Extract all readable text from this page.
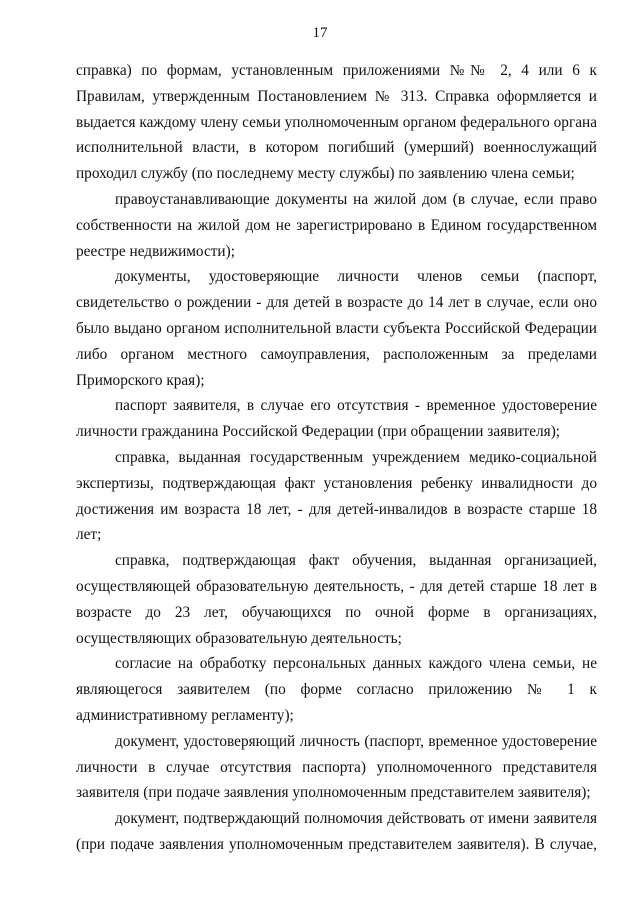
17

справка) по формам, установленным приложениями №№ 2, 4 или 6 к Правилам, утвержденным Постановлением № 313. Справка оформляется и выдается каждому члену семьи уполномоченным органом федерального органа исполнительной власти, в котором погибший (умерший) военнослужащий проходил службу (по последнему месту службы) по заявлению члена семьи;

правоустанавливающие документы на жилой дом (в случае, если право собственности на жилой дом не зарегистрировано в Едином государственном реестре недвижимости);

документы, удостоверяющие личности членов семьи (паспорт, свидетельство о рождении - для детей в возрасте до 14 лет в случае, если оно было выдано органом исполнительной власти субъекта Российской Федерации либо органом местного самоуправления, расположенным за пределами Приморского края);

паспорт заявителя, в случае его отсутствия - временное удостоверение личности гражданина Российской Федерации (при обращении заявителя);

справка, выданная государственным учреждением медико-социальной экспертизы, подтверждающая факт установления ребенку инвалидности до достижения им возраста 18 лет, - для детей-инвалидов в возрасте старше 18 лет;

справка, подтверждающая факт обучения, выданная организацией, осуществляющей образовательную деятельность, - для детей старше 18 лет в возрасте до 23 лет, обучающихся по очной форме в организациях, осуществляющих образовательную деятельность;

согласие на обработку персональных данных каждого члена семьи, не являющегося заявителем (по форме согласно приложению № 1 к административному регламенту);

документ, удостоверяющий личность (паспорт, временное удостоверение личности в случае отсутствия паспорта) уполномоченного представителя заявителя (при подаче заявления уполномоченным представителем заявителя);

документ, подтверждающий полномочия действовать от имени заявителя (при подаче заявления уполномоченным представителем заявителя). В случае,
